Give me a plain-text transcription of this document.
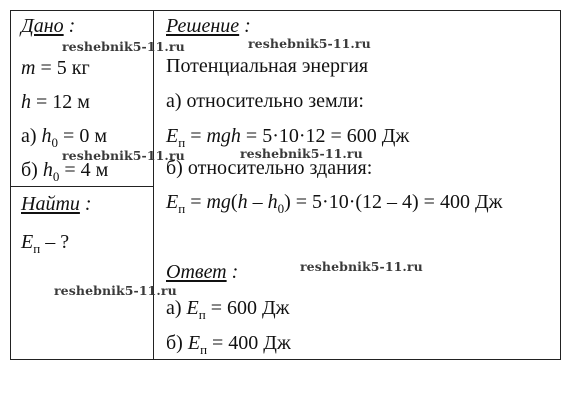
Дано :
m = 5 кг
h = 12 м
а) $h_0 = 0$ м
б) $h_0 = 4$ м
Найти :
$E_п$ – ?
Решение :
Потенциальная энергия
а) относительно земли:
$E_п$ = mgh = 5·10·12 = 600 Дж
б) относительно здания:
$E_п = mg(h - h_0) = 5\cdot 10\cdot(12 - 4) = 400$ Дж
Ответ :
а) $E_п = 600$ Дж
б) $E_п = 400$ Дж
reshebnik5-11.ru	reshebnik5-11.ru
reshebnik5-11.ru	reshebnik5-11.ru
reshebnik5-11.ru
reshebnik5-11.ru
